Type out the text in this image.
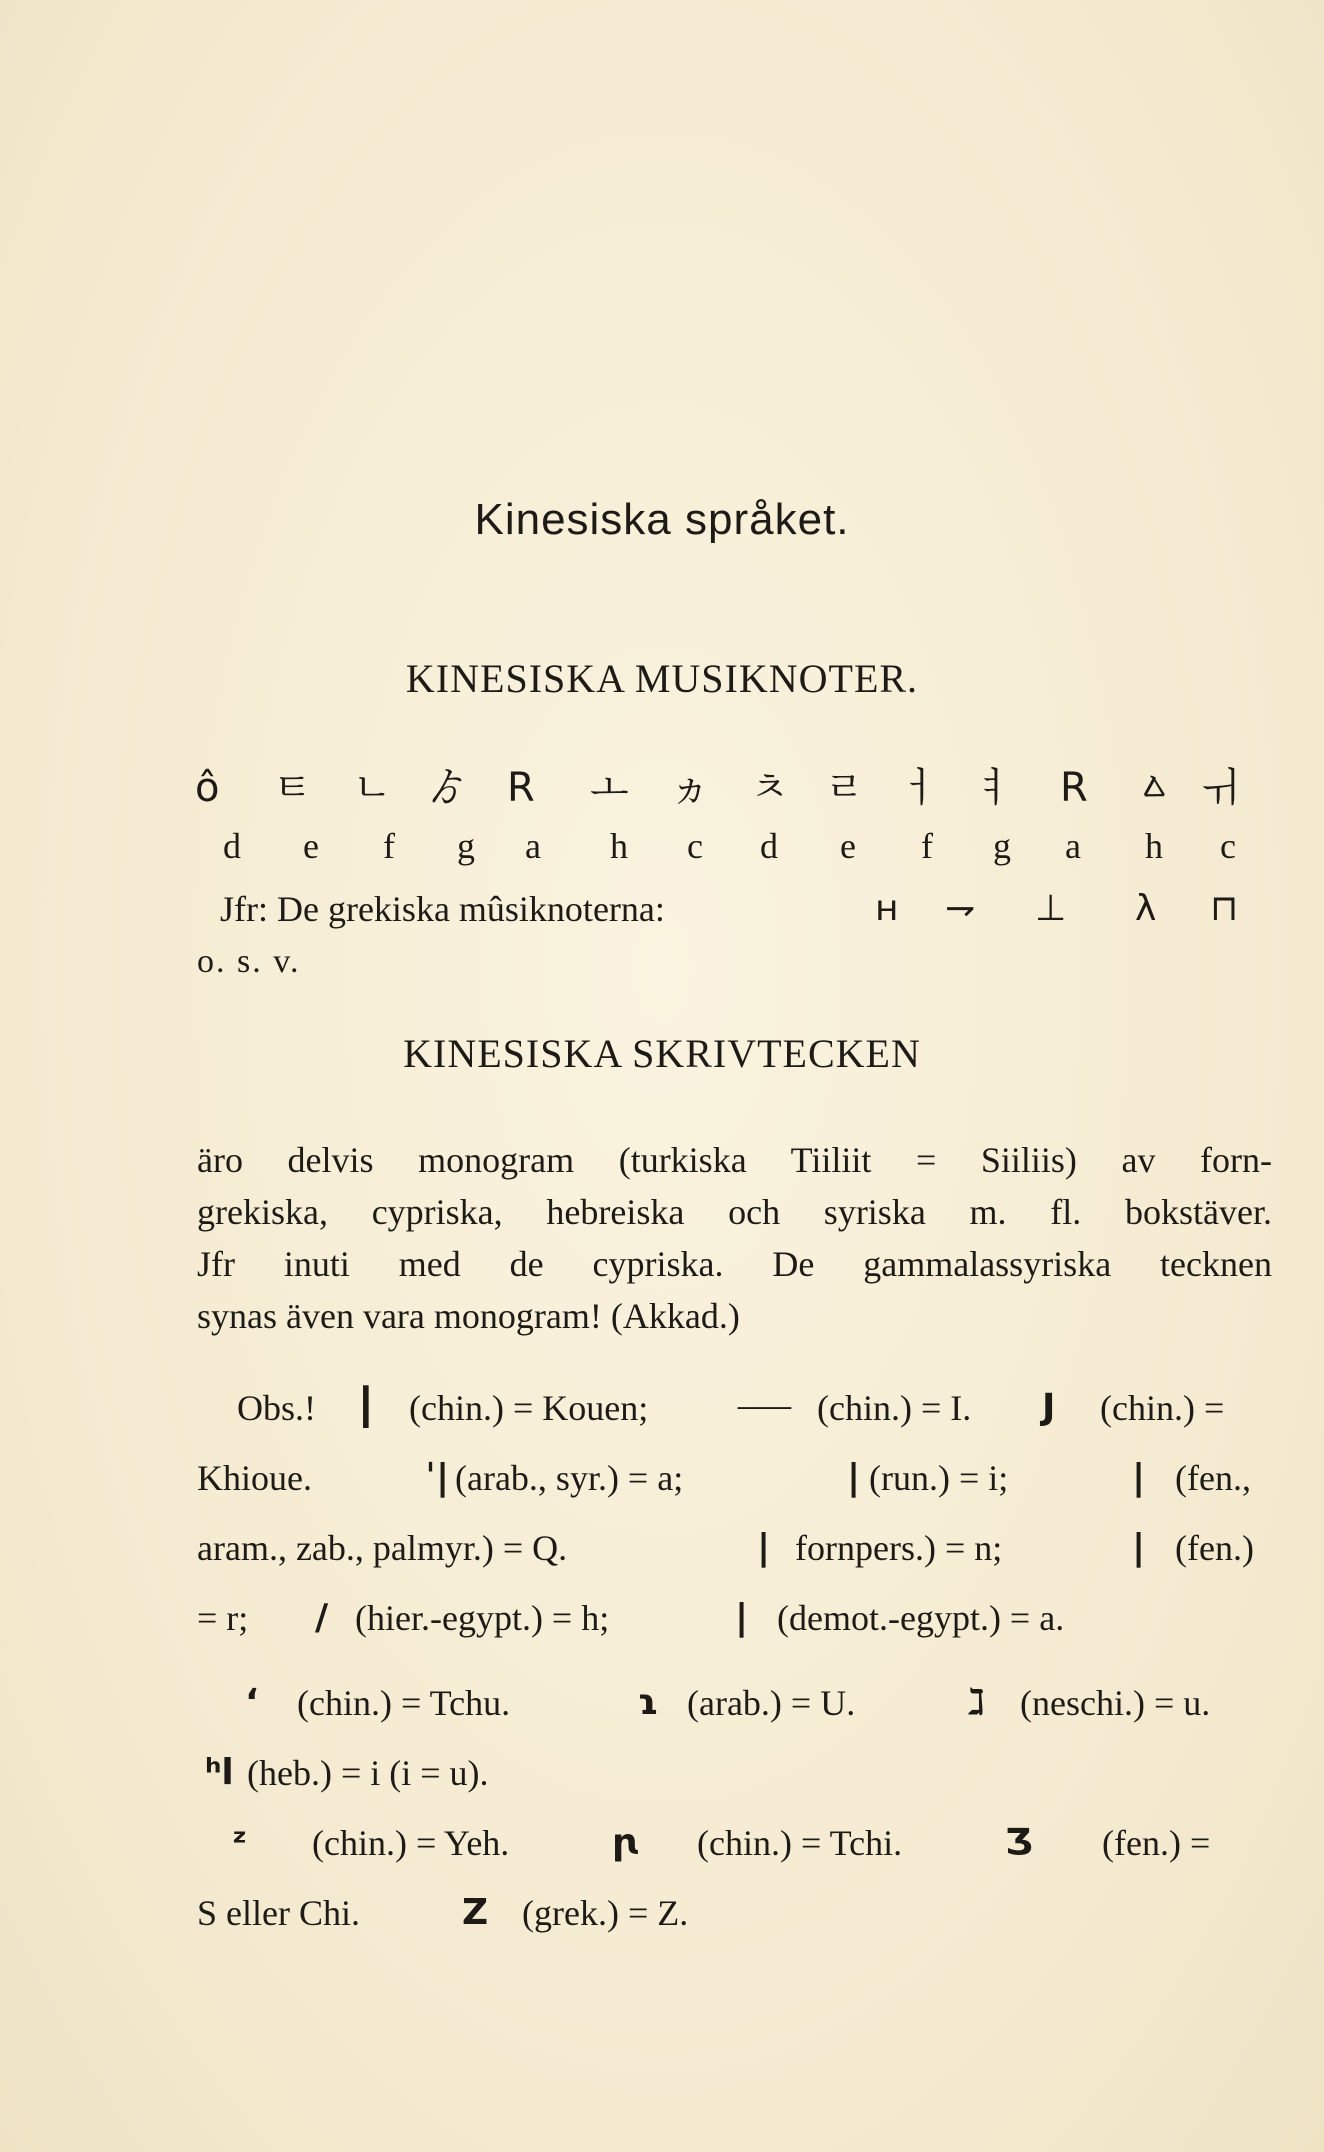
Kinesiska språket.
KINESISKA MUSIKNOTER.
ô ㅌ ㄴ ゟ R ㅗ ヵ ㅊ ㄹ ㅓ ㅕ R ㅿ ㅟ
d e f g a h c d e f g a h c
Jfr: De grekiska mûsiknoterna:	ʜ ⇁ ⊥ λ ⊓
o. s. v.
KINESISKA SKRIVTECKEN
äro delvis monogram (turkiska Tiiliit = Siiliis) av forn-
grekiska, cypriska, hebreiska och syriska m. fl. bokstäver.
Jfr inuti med de cypriska. De gammalassyriska tecknen
synas även vara monogram! (Akkad.)
Obs.! ┃ (chin.) = Kouen;	⸻ (chin.) = I. J (chin.) =
Khioue.	ˈ| (arab., syr.) = a;	| (run.) = i;	| (fen.,
aram., zab., palmyr.) = Q.	| fornpers.) = n;	| (fen.)
= r; / (hier.-egypt.) = h;	| (demot.-egypt.) = a.
ʻ (chin.) = Tchu.	ɿ (arab.) = U.	ℷ (neschi.) = u.
ʰl (heb.) = i (i = u).
ᶻ (chin.) = Yeh.	ꞃ (chin.) = Tchi.	Ʒ (fen.) =
S eller Chi.	Z (grek.) = Z.
